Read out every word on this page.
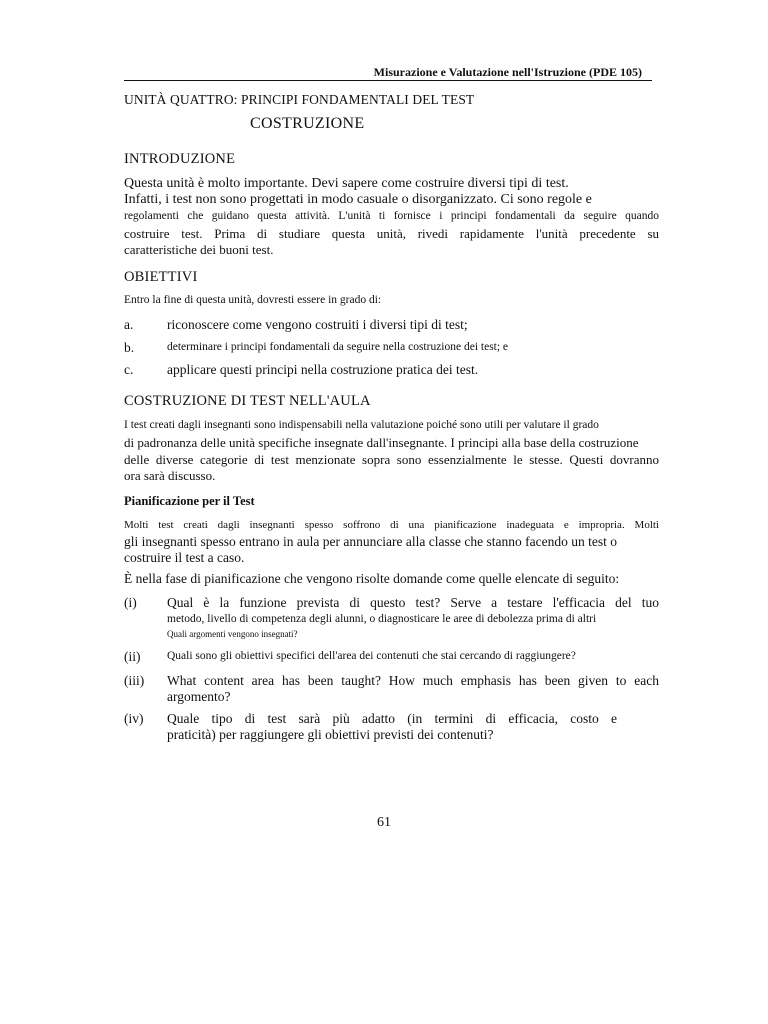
Misurazione e Valutazione nell'Istruzione (PDE 105)
UNITÀ QUATTRO: PRINCIPI FONDAMENTALI DEL TEST
COSTRUZIONE
INTRODUZIONE
Questa unità è molto importante. Devi sapere come costruire diversi tipi di test.
Infatti, i test non sono progettati in modo casuale o disorganizzato. Ci sono regole e
regolamenti che guidano questa attività. L'unità ti fornisce i principi fondamentali da seguire quando
costruire test. Prima di studiare questa unità, rivedi rapidamente l'unità precedente su
caratteristiche dei buoni test.
OBIETTIVI
Entro la fine di questa unità, dovresti essere in grado di:
a. riconoscere come vengono costruiti i diversi tipi di test;
b.	determinare i principi fondamentali da seguire nella costruzione dei test; e
c. applicare questi principi nella costruzione pratica dei test.
COSTRUZIONE DI TEST NELL'AULA
I test creati dagli insegnanti sono indispensabili nella valutazione poiché sono utili per valutare il grado
di padronanza delle unità specifiche insegnate dall'insegnante. I principi alla base della costruzione
delle diverse categorie di test menzionate sopra sono essenzialmente le stesse. Questi dovranno
ora sarà discusso.
Pianificazione per il Test
Molti test creati dagli insegnanti spesso soffrono di una pianificazione inadeguata e impropria. Molti
gli insegnanti spesso entrano in aula per annunciare alla classe che stanno facendo un test o
costruire il test a caso.
È nella fase di pianificazione che vengono risolte domande come quelle elencate di seguito:
(i) Qual è la funzione prevista di questo test? Serve a testare l'efficacia del tuo
metodo, livello di competenza degli alunni, o diagnosticare le aree di debolezza prima di altri
Quali argomenti vengono insegnati?
(ii) Quali sono gli obiettivi specifici dell'area dei contenuti che stai cercando di raggiungere?
(iii) What content area has been taught? How much emphasis has been given to each
argomento?
(iv) Quale tipo di test sarà più adatto (in termini di efficacia, costo e
praticità) per raggiungere gli obiettivi previsti dei contenuti?
61
